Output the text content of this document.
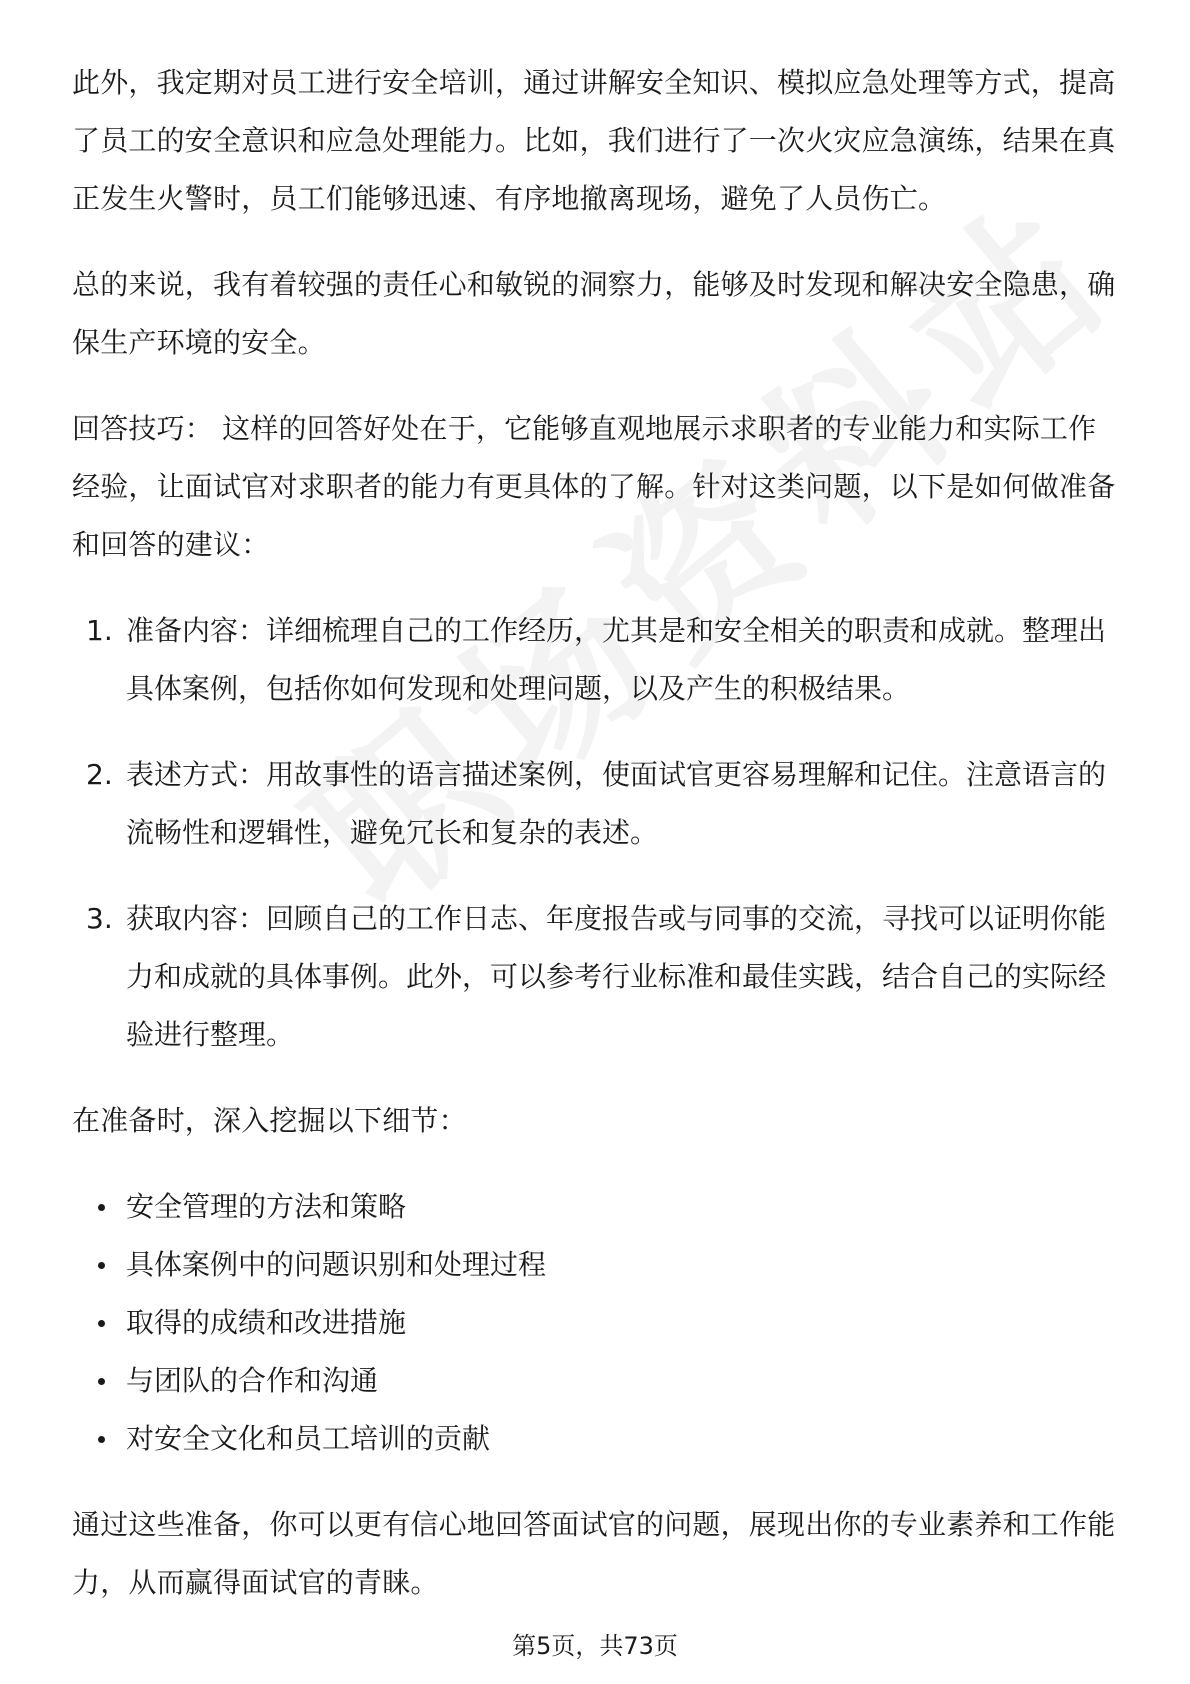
此外，我定期对员工进行安全培训，通过讲解安全知识、模拟应急处理等方式，提高了员工的安全意识和应急处理能力。比如，我们进行了一次火灾应急演练，结果在真正发生火警时，员工们能够迅速、有序地撤离现场，避免了人员伤亡。

总的来说，我有着较强的责任心和敏锐的洞察力，能够及时发现和解决安全隐患，确保生产环境的安全。

回答技巧： 这样的回答好处在于，它能够直观地展示求职者的专业能力和实际工作经验，让面试官对求职者的能力有更具体的了解。针对这类问题，以下是如何做准备和回答的建议：

1. 准备内容：详细梳理自己的工作经历，尤其是和安全相关的职责和成就。整理出具体案例，包括你如何发现和处理问题，以及产生的积极结果。
2. 表述方式：用故事性的语言描述案例，使面试官更容易理解和记住。注意语言的流畅性和逻辑性，避免冗长和复杂的表述。
3. 获取内容：回顾自己的工作日志、年度报告或与同事的交流，寻找可以证明你能力和成就的具体事例。此外，可以参考行业标准和最佳实践，结合自己的实际经验进行整理。

在准备时，深入挖掘以下细节：

安全管理的方法和策略
具体案例中的问题识别和处理过程
取得的成绩和改进措施
与团队的合作和沟通
对安全文化和员工培训的贡献

通过这些准备，你可以更有信心地回答面试官的问题，展现出你的专业素养和工作能力，从而赢得面试官的青睐。

第5页，共73页
